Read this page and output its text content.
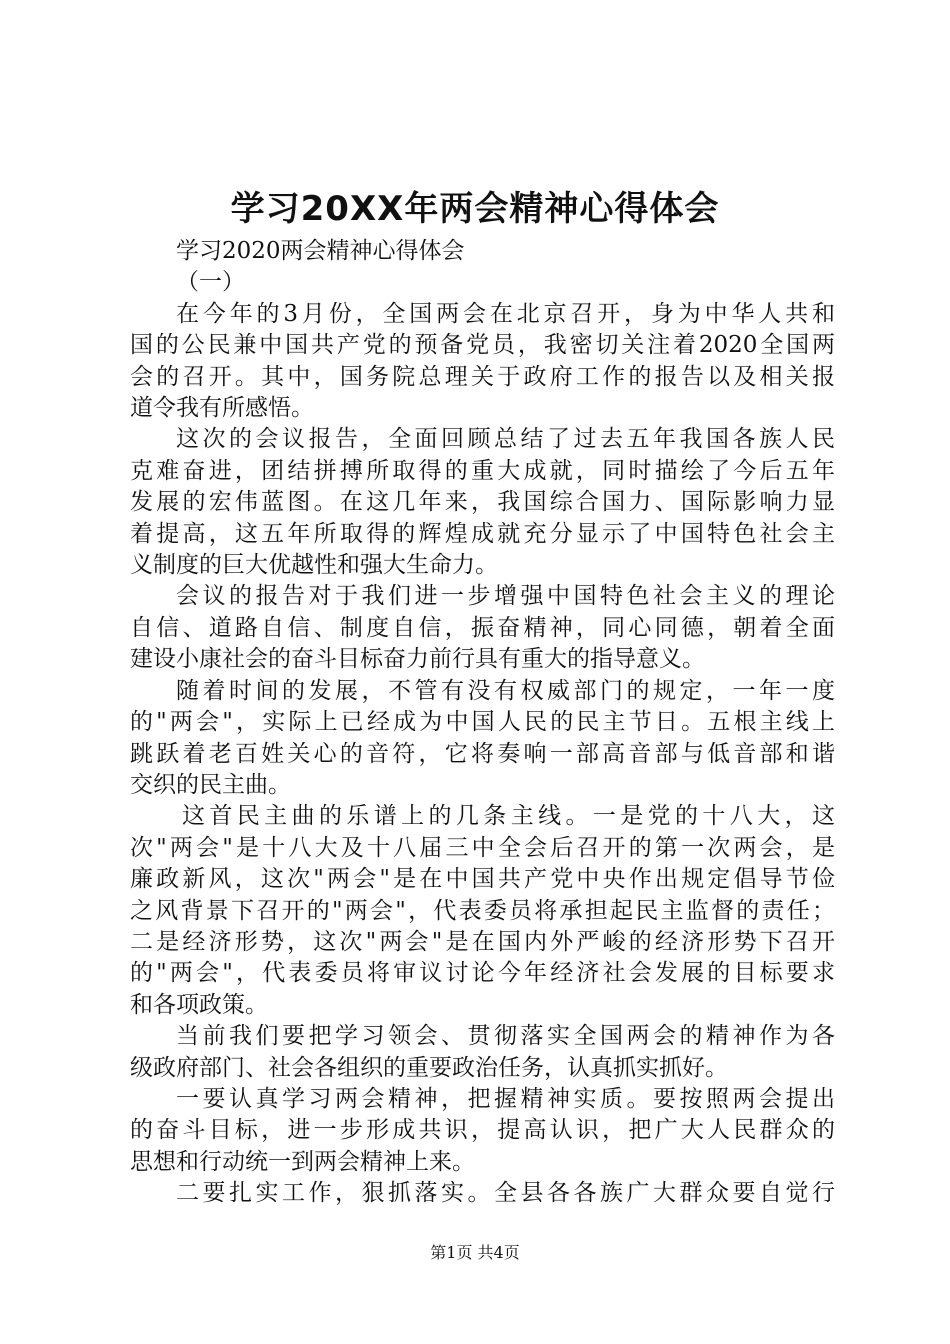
学习20XX年两会精神心得体会

学习2020两会精神心得体会

（一）

在今年的3月份，全国两会在北京召开，身为中华人共和

国的公民兼中国共产党的预备党员，我密切关注着2020全国两

会的召开。其中，国务院总理关于政府工作的报告以及相关报

道令我有所感悟。

这次的会议报告，全面回顾总结了过去五年我国各族人民

克难奋进，团结拼搏所取得的重大成就，同时描绘了今后五年

发展的宏伟蓝图。在这几年来，我国综合国力、国际影响力显

着提高，这五年所取得的辉煌成就充分显示了中国特色社会主

义制度的巨大优越性和强大生命力。

会议的报告对于我们进一步增强中国特色社会主义的理论

自信、道路自信、制度自信，振奋精神，同心同德，朝着全面

建设小康社会的奋斗目标奋力前行具有重大的指导意义。

随着时间的发展，不管有没有权威部门的规定，一年一度

的"两会"，实际上已经成为中国人民的民主节日。五根主线上

跳跃着老百姓关心的音符，它将奏响一部高音部与低音部和谐

交织的民主曲。

这首民主曲的乐谱上的几条主线。一是党的十八大，这

次"两会"是十八大及十八届三中全会后召开的第一次两会，是

廉政新风，这次"两会"是在中国共产党中央作出规定倡导节俭

之风背景下召开的"两会"，代表委员将承担起民主监督的责任；

二是经济形势，这次"两会"是在国内外严峻的经济形势下召开

的"两会"，代表委员将审议讨论今年经济社会发展的目标要求

和各项政策。

当前我们要把学习领会、贯彻落实全国两会的精神作为各

级政府部门、社会各组织的重要政治任务，认真抓实抓好。

一要认真学习两会精神，把握精神实质。要按照两会提出

的奋斗目标，进一步形成共识，提高认识，把广大人民群众的

思想和行动统一到两会精神上来。

二要扎实工作，狠抓落实。全县各各族广大群众要自觉行

第1页 共4页
